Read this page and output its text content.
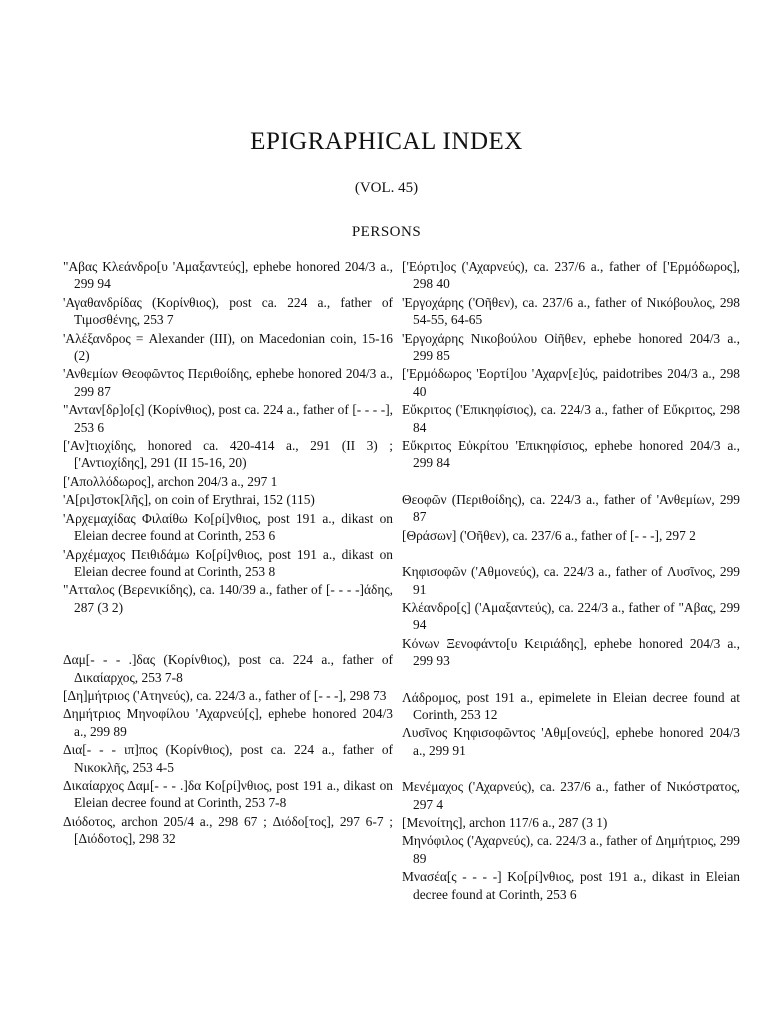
EPIGRAPHICAL INDEX
(VOL. 45)
PERSONS

"Αβας Κλεάνδρο[υ 'Αμαξαντεύς], ephebe honored 204/3 a., 299 94

'Αγαθανδρίδας (Κορίνθιος), post ca. 224 a., father of Τιμοσθένης, 253 7

'Αλέξανδρος = Alexander (III), on Macedonian coin, 15-16 (2)

'Ανθεμίων Θεοφῶντος Περιθοίδης, ephebe honored 204/3 a., 299 87

"Ανταν[δρ]ο[ς] (Κορίνθιος), post ca. 224 a., father of [- - - -], 253 6

['Αν]τιοχίδης, honored ca. 420-414 a., 291 (II 3) ; ['Αντιοχίδης], 291 (II 15-16, 20)

['Απολλόδωρος], archon 204/3 a., 297 1

'Α[ρι]στοκ[λῆς], on coin of Erythrai, 152 (115)

'Αρχεμαχίδας Φιλαίθω Κο[ρί]νθιος, post 191 a., dikast on Eleian decree found at Corinth, 253 6

'Αρχέμαχος Πειθιδάμω Κο[ρί]νθιος, post 191 a., dikast on Eleian decree found at Corinth, 253 8

"Ατταλος (Βερενικίδης), ca. 140/39 a., father of [- - - -]άδης, 287 (3 2)

Δαμ[- - - .]δας (Κορίνθιος), post ca. 224 a., father of Δικαίαρχος, 253 7-8

[Δη]μήτριος ('Ατηνεύς), ca. 224/3 a., father of [- - -], 298 73

Δημήτριος Μηνοφίλου 'Αχαρνεύ[ς], ephebe honored 204/3 a., 299 89

Δια[- - - ιπ]πος (Κορίνθιος), post ca. 224 a., father of Νικοκλῆς, 253 4-5

Δικαίαρχος Δαμ[- - - .]δα Κο[ρί]νθιος, post 191 a., dikast on Eleian decree found at Corinth, 253 7-8

Διόδοτος, archon 205/4 a., 298 67 ; Διόδο[τος], 297 6-7 ; [Διόδοτος], 298 32

['Εόρτι]ος ('Αχαρνεύς), ca. 237/6 a., father of ['Ερμόδωρος], 298 40

'Εργοχάρης ('Οῆθεν), ca. 237/6 a., father of Νικόβουλος, 298 54-55, 64-65

'Εργοχάρης Νικοβούλου Οἰῆθεν, ephebe honored 204/3 a., 299 85

['Ερμόδωρος 'Εορτί]ου 'Αχαρν[ε]ύς, paidotribes 204/3 a., 298 40

Εὔκριτος ('Επικηφίσιος), ca. 224/3 a., father of Εὔκριτος, 298 84

Εὔκριτος Εὐκρίτου 'Επικηφίσιος, ephebe honored 204/3 a., 299 84

Θεοφῶν (Περιθοίδης), ca. 224/3 a., father of 'Ανθεμίων, 299 87

[Θράσων] ('Οῆθεν), ca. 237/6 a., father of [- - -], 297 2

Κηφισοφῶν ('Αθμονεύς), ca. 224/3 a., father of Λυσῖνος, 299 91

Κλέανδρο[ς] ('Αμαξαντεύς), ca. 224/3 a., father of "Αβας, 299 94

Κόνων Ξενοφάντο[υ Κειριάδης], ephebe honored 204/3 a., 299 93

Λάδρομος, post 191 a., epimelete in Eleian decree found at Corinth, 253 12

Λυσῖνος Κηφισοφῶντος 'Αθμ[ονεύς], ephebe honored 204/3 a., 299 91

Μενέμαχος ('Αχαρνεύς), ca. 237/6 a., father of Νικόστρατος, 297 4

[Μενοίτης], archon 117/6 a., 287 (3 1)

Μηνόφιλος ('Αχαρνεύς), ca. 224/3 a., father of Δημήτριος, 299 89

Μνασέα[ς - - - -] Κο[ρί]νθιος, post 191 a., dikast in Eleian decree found at Corinth, 253 6
